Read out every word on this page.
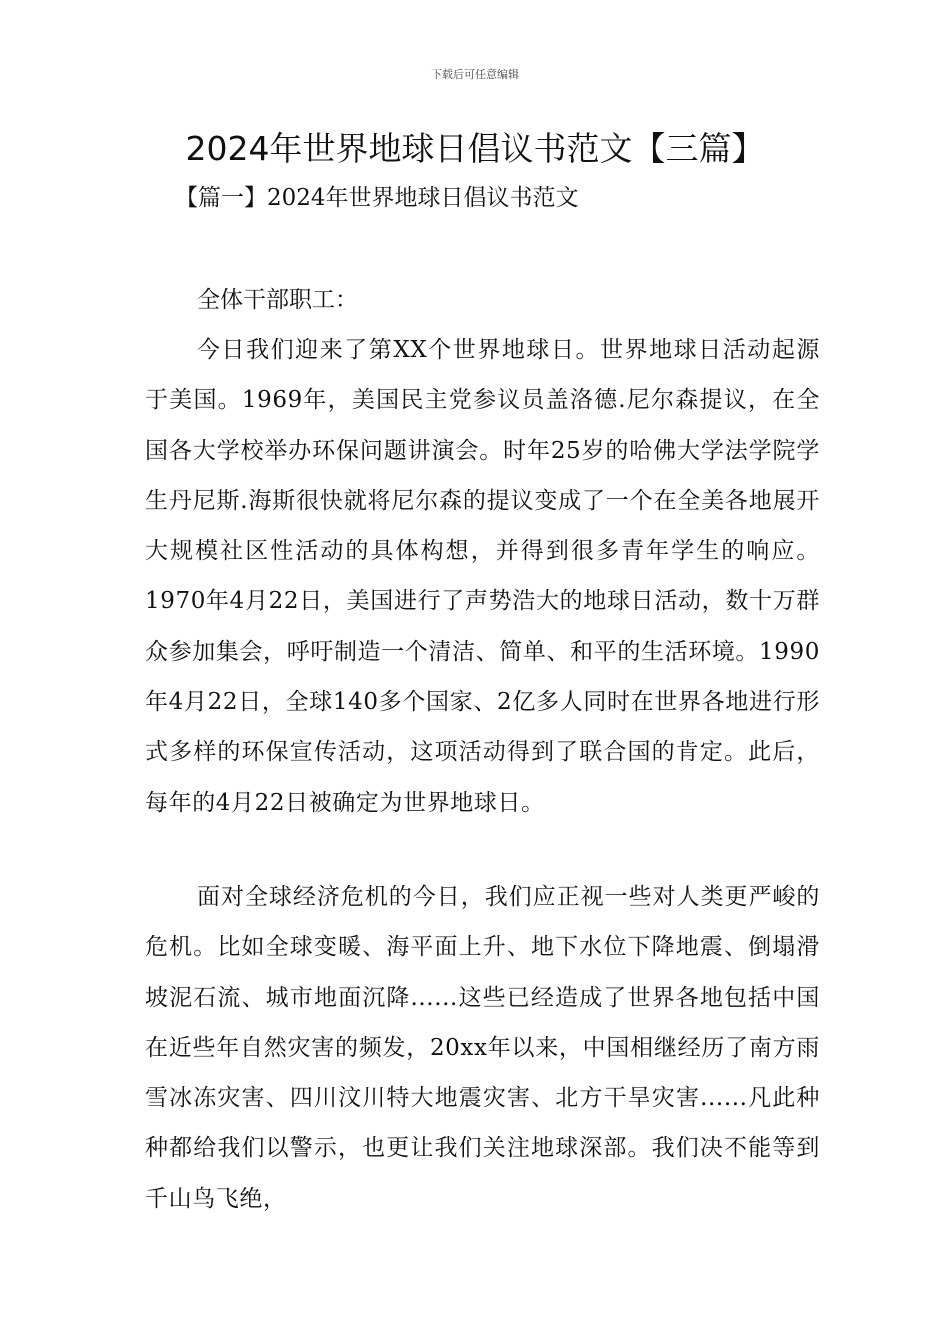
下载后可任意编辑
2024年世界地球日倡议书范文【三篇】
【篇一】2024年世界地球日倡议书范文
全体干部职工：

今日我们迎来了第XX个世界地球日。世界地球日活动起源于美国。1969年，美国民主党参议员盖洛德.尼尔森提议，在全国各大学校举办环保问题讲演会。时年25岁的哈佛大学法学院学生丹尼斯.海斯很快就将尼尔森的提议变成了一个在全美各地展开大规模社区性活动的具体构想，并得到很多青年学生的响应。1970年4月22日，美国进行了声势浩大的地球日活动，数十万群众参加集会，呼吁制造一个清洁、简单、和平的生活环境。1990年4月22日，全球140多个国家、2亿多人同时在世界各地进行形式多样的环保宣传活动，这项活动得到了联合国的肯定。此后，每年的4月22日被确定为世界地球日。

面对全球经济危机的今日，我们应正视一些对人类更严峻的危机。比如全球变暖、海平面上升、地下水位下降地震、倒塌滑坡泥石流、城市地面沉降......这些已经造成了世界各地包括中国在近些年自然灾害的频发，20xx年以来，中国相继经历了南方雨雪冰冻灾害、四川汶川特大地震灾害、北方干旱灾害......凡此种种都给我们以警示，也更让我们关注地球深部。我们决不能等到千山鸟飞绝，
